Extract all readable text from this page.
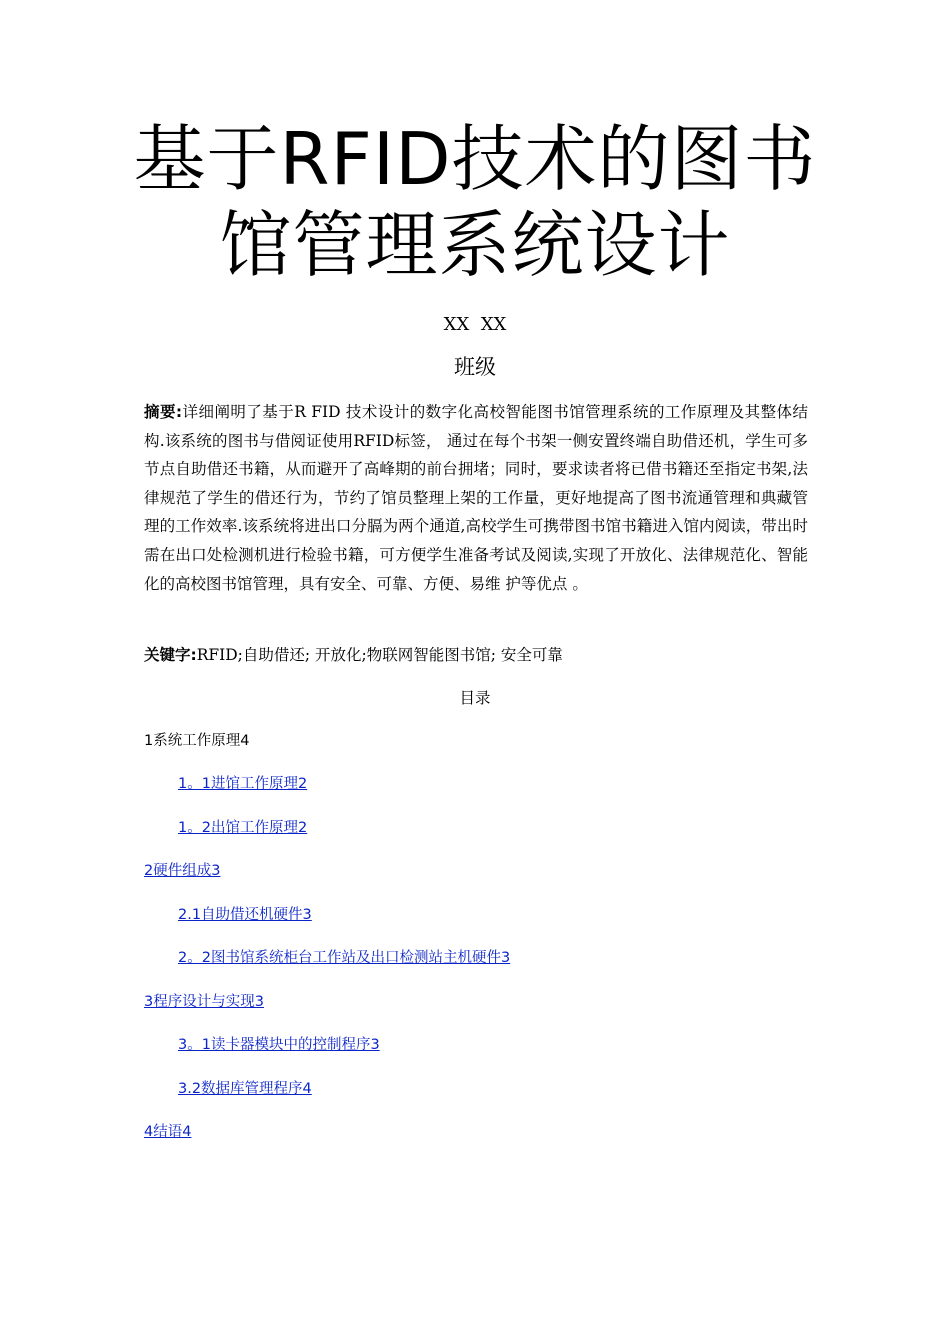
基于RFID技术的图书
馆管理系统设计
XX  XX
班级
摘要:详细阐明了基于R FID 技术设计的数字化高校智能图书馆管理系统的工作原理及其整体结构.该系统的图书与借阅证使用RFID标签， 通过在每个书架一侧安置终端自助借还机，学生可多节点自助借还书籍，从而避开了高峰期的前台拥堵；同时，要求读者将已借书籍还至指定书架,法律规范了学生的借还行为，节约了馆员整理上架的工作量，更好地提高了图书流通管理和典藏管理的工作效率.该系统将进出口分膈为两个通道,高校学生可携带图书馆书籍进入馆内阅读，带出时需在出口处检测机进行检验书籍，可方便学生准备考试及阅读,实现了开放化、法律规范化、智能化的高校图书馆管理，具有安全、可靠、方便、易维 护等优点 。
关键字:RFID;自助借还; 开放化;物联网智能图书馆; 安全可靠
目录
1系统工作原理4
1。1进馆工作原理2
1。2出馆工作原理2
2硬件组成3
2.1自助借还机硬件3
2。2图书馆系统柜台工作站及出口检测站主机硬件3
3程序设计与实现3
3。1读卡器模块中的控制程序3
3.2数据库管理程序4
4结语4
